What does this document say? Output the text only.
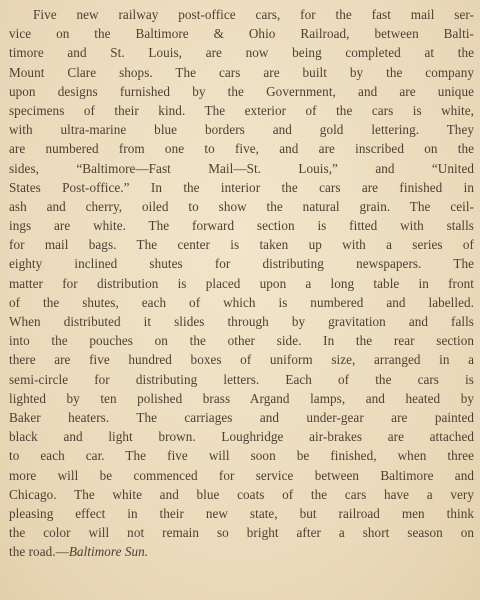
Five new railway post-office cars, for the fast mail ser-
vice on the Baltimore & Ohio Railroad, between Balti-
timore and St. Louis, are now being completed at the
Mount Clare shops. The cars are built by the company
upon designs furnished by the Government, and are unique
specimens of their kind. The exterior of the cars is white,
with ultra-marine blue borders and gold lettering. They
are numbered from one to five, and are inscribed on the
sides, “Baltimore—Fast Mail—St. Louis,” and “United
States Post-office.” In the interior the cars are finished in
ash and cherry, oiled to show the natural grain. The ceil-
ings are white. The forward section is fitted with stalls
for mail bags. The center is taken up with a series of
eighty inclined shutes for distributing newspapers. The
matter for distribution is placed upon a long table in front
of the shutes, each of which is numbered and labelled.
When distributed it slides through by gravitation and falls
into the pouches on the other side. In the rear section
there are five hundred boxes of uniform size, arranged in a
semi-circle for distributing letters. Each of the cars is
lighted by ten polished brass Argand lamps, and heated by
Baker heaters. The carriages and under-gear are painted
black and light brown. Loughridge air-brakes are attached
to each car. The five will soon be finished, when three
more will be commenced for service between Baltimore and
Chicago. The white and blue coats of the cars have a very
pleasing effect in their new state, but railroad men think
the color will not remain so bright after a short season on
the road.—Baltimore Sun.
